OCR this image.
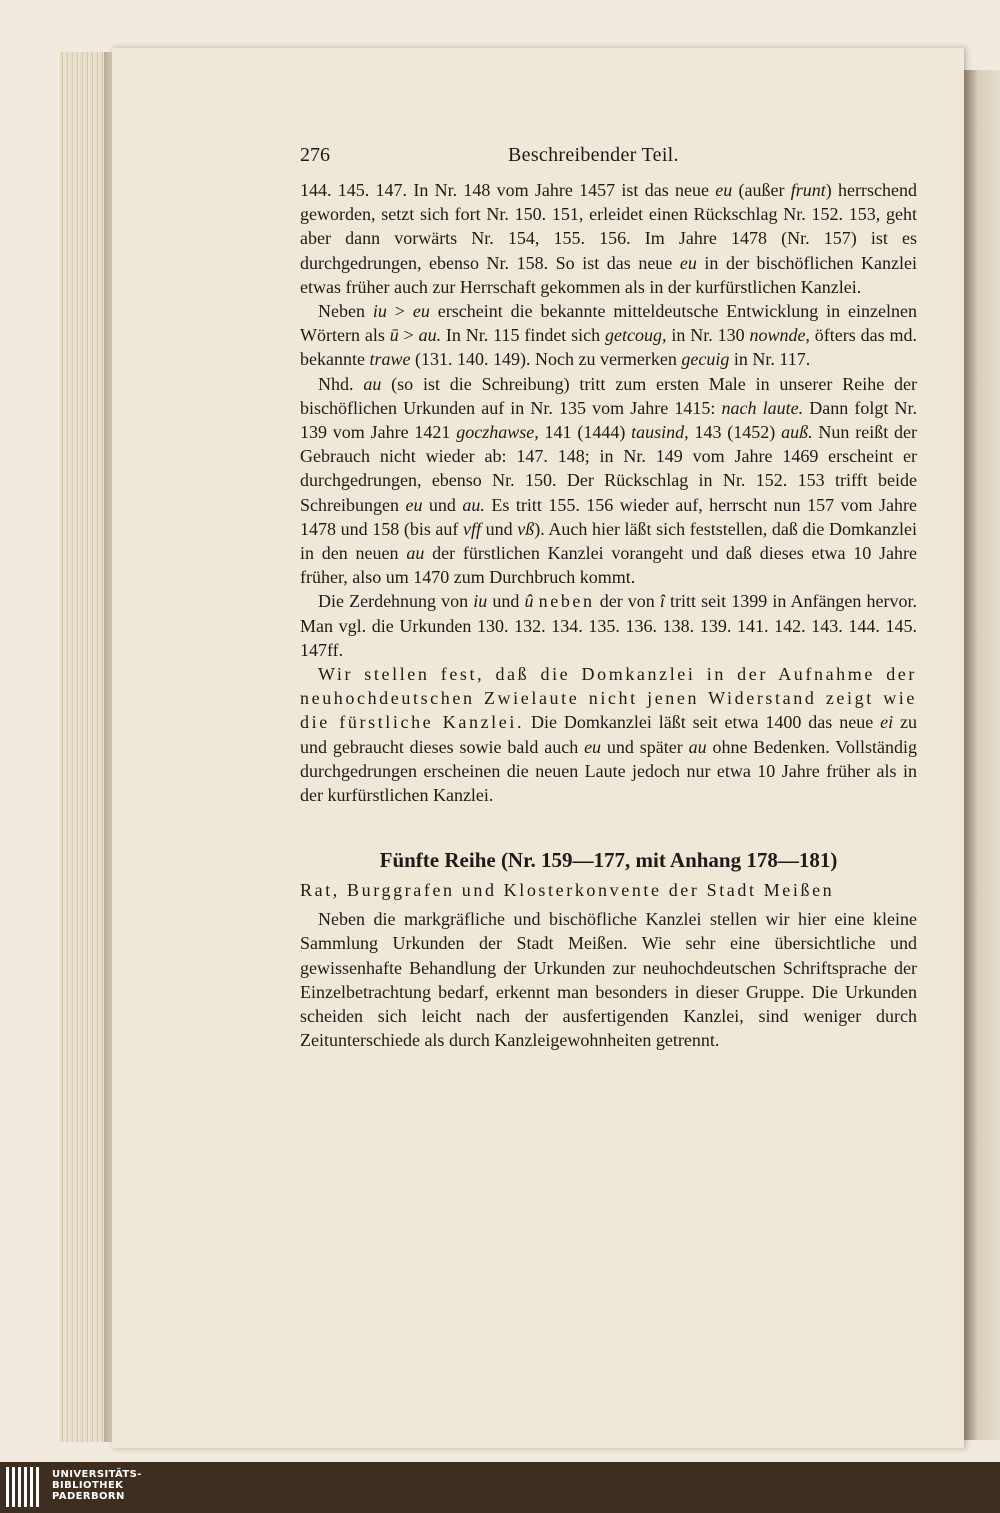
276	Beschreibender Teil.

144. 145. 147. In Nr. 148 vom Jahre 1457 ist das neue eu (außer frunt) herrschend geworden, setzt sich fort Nr. 150. 151, erleidet einen Rückschlag Nr. 152. 153, geht aber dann vorwärts Nr. 154, 155. 156. Im Jahre 1478 (Nr. 157) ist es durchgedrungen, ebenso Nr. 158. So ist das neue eu in der bischöflichen Kanzlei etwas früher auch zur Herrschaft gekommen als in der kurfürstlichen Kanzlei.

Neben iu > eu erscheint die bekannte mitteldeutsche Entwicklung in einzelnen Wörtern als ū > au. In Nr. 115 findet sich getcoug, in Nr. 130 nownde, öfters das md. bekannte trawe (131. 140. 149). Noch zu vermerken gecuig in Nr. 117.

Nhd. au (so ist die Schreibung) tritt zum ersten Male in unserer Reihe der bischöflichen Urkunden auf in Nr. 135 vom Jahre 1415: nach laute. Dann folgt Nr. 139 vom Jahre 1421 goczhawse, 141 (1444) tausind, 143 (1452) auß. Nun reißt der Gebrauch nicht wieder ab: 147. 148; in Nr. 149 vom Jahre 1469 erscheint er durchgedrungen, ebenso Nr. 150. Der Rückschlag in Nr. 152. 153 trifft beide Schreibungen eu und au. Es tritt 155. 156 wieder auf, herrscht nun 157 vom Jahre 1478 und 158 (bis auf vff und vß). Auch hier läßt sich feststellen, daß die Domkanzlei in den neuen au der fürstlichen Kanzlei vorangeht und daß dieses etwa 10 Jahre früher, also um 1470 zum Durchbruch kommt.

Die Zerdehnung von iu und û neben der von î tritt seit 1399 in Anfängen hervor. Man vgl. die Urkunden 130. 132. 134. 135. 136. 138. 139. 141. 142. 143. 144. 145. 147ff.

Wir stellen fest, daß die Domkanzlei in der Aufnahme der neuhochdeutschen Zwielaute nicht jenen Widerstand zeigt wie die fürstliche Kanzlei. Die Domkanzlei läßt seit etwa 1400 das neue ei zu und gebraucht dieses sowie bald auch eu und später au ohne Bedenken. Vollständig durchgedrungen erscheinen die neuen Laute jedoch nur etwa 10 Jahre früher als in der kurfürstlichen Kanzlei.

Fünfte Reihe (Nr. 159—177, mit Anhang 178—181)
Rat, Burggrafen und Klosterkonvente der Stadt Meißen

Neben die markgräfliche und bischöfliche Kanzlei stellen wir hier eine kleine Sammlung Urkunden der Stadt Meißen. Wie sehr eine übersichtliche und gewissenhafte Behandlung der Urkunden zur neuhochdeutschen Schriftsprache der Einzelbetrachtung bedarf, erkennt man besonders in dieser Gruppe. Die Urkunden scheiden sich leicht nach der ausfertigenden Kanzlei, sind weniger durch Zeitunterschiede als durch Kanzleigewohnheiten getrennt.

UNIVERSITÄTS-
BIBLIOTHEK
PADERBORN
